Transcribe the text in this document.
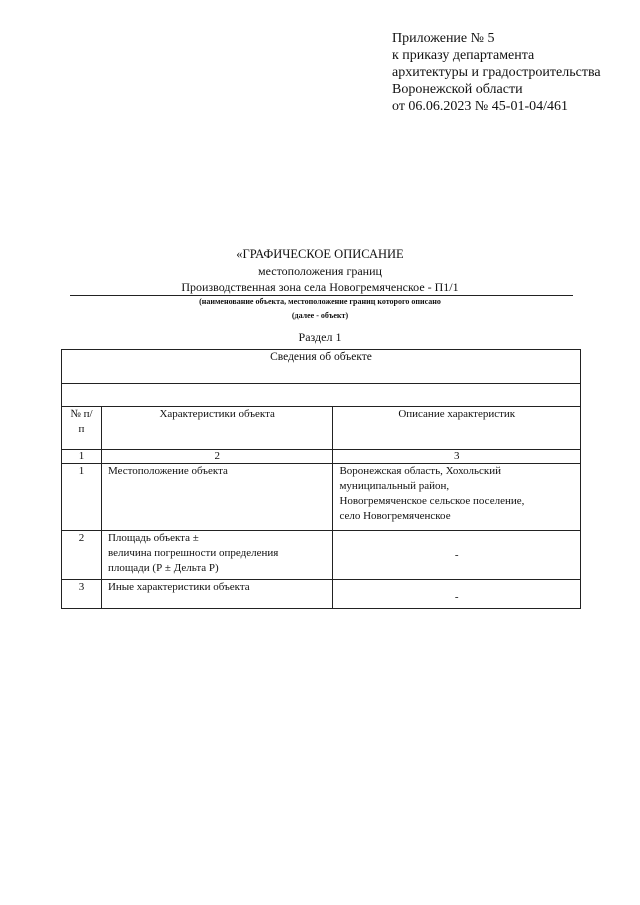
Приложение № 5
к приказу департамента
архитектуры и градостроительства
Воронежской области
от 06.06.2023 № 45-01-04/461
«ГРАФИЧЕСКОЕ ОПИСАНИЕ
местоположения границ
Производственная зона села Новогремяченское - П1/1
(наименование объекта, местоположение границ которого описано
(далее - объект)
Раздел 1
Сведения об объекте		

№ п/п	Характеристики объекта	Описание характеристик
1	2	3
1	Местоположение объекта	Воронежская область, Хохольский
муниципальный район,
Новогремяченское сельское поселение,
село Новогремяченское

2	Площадь объекта ±
величина погрешности определения
площади (Р ± Дельта Р)	-
3	Иные характеристики объекта	-
